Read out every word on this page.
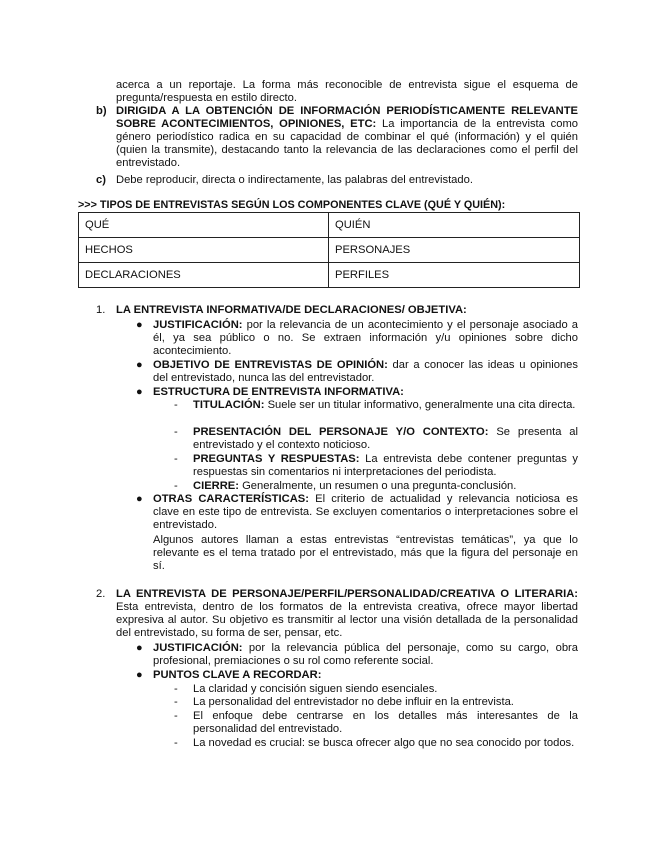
acerca a un reportaje. La forma más reconocible de entrevista sigue el esquema de pregunta/respuesta en estilo directo.
b) DIRIGIDA A LA OBTENCIÓN DE INFORMACIÓN PERIODÍSTICAMENTE RELEVANTE SOBRE ACONTECIMIENTOS, OPINIONES, ETC: La importancia de la entrevista como género periodístico radica en su capacidad de combinar el qué (información) y el quién (quien la transmite), destacando tanto la relevancia de las declaraciones como el perfil del entrevistado.
c) Debe reproducir, directa o indirectamente, las palabras del entrevistado.
>>> TIPOS DE ENTREVISTAS SEGÚN LOS COMPONENTES CLAVE (QUÉ Y QUIÉN):
QUÉ	QUIÉN
HECHOS	PERSONAJES
DECLARACIONES	PERFILES
1. LA ENTREVISTA INFORMATIVA/DE DECLARACIONES/ OBJETIVA:
● JUSTIFICACIÓN: por la relevancia de un acontecimiento y el personaje asociado a él, ya sea público o no. Se extraen información y/u opiniones sobre dicho acontecimiento.
● OBJETIVO DE ENTREVISTAS DE OPINIÓN: dar a conocer las ideas u opiniones del entrevistado, nunca las del entrevistador.
● ESTRUCTURA DE ENTREVISTA INFORMATIVA:
- TITULACIÓN: Suele ser un titular informativo, generalmente una cita directa.
- PRESENTACIÓN DEL PERSONAJE Y/O CONTEXTO: Se presenta al entrevistado y el contexto noticioso.
- PREGUNTAS Y RESPUESTAS: La entrevista debe contener preguntas y respuestas sin comentarios ni interpretaciones del periodista.
- CIERRE: Generalmente, un resumen o una pregunta-conclusión.
● OTRAS CARACTERÍSTICAS: El criterio de actualidad y relevancia noticiosa es clave en este tipo de entrevista. Se excluyen comentarios o interpretaciones sobre el entrevistado.
Algunos autores llaman a estas entrevistas “entrevistas temáticas”, ya que lo relevante es el tema tratado por el entrevistado, más que la figura del personaje en sí.
2. LA ENTREVISTA DE PERSONAJE/PERFIL/PERSONALIDAD/CREATIVA O LITERARIA: Esta entrevista, dentro de los formatos de la entrevista creativa, ofrece mayor libertad expresiva al autor. Su objetivo es transmitir al lector una visión detallada de la personalidad del entrevistado, su forma de ser, pensar, etc.
● JUSTIFICACIÓN: por la relevancia pública del personaje, como su cargo, obra profesional, premiaciones o su rol como referente social.
● PUNTOS CLAVE A RECORDAR:
- La claridad y concisión siguen siendo esenciales.
- La personalidad del entrevistador no debe influir en la entrevista.
- El enfoque debe centrarse en los detalles más interesantes de la personalidad del entrevistado.
- La novedad es crucial: se busca ofrecer algo que no sea conocido por todos.
